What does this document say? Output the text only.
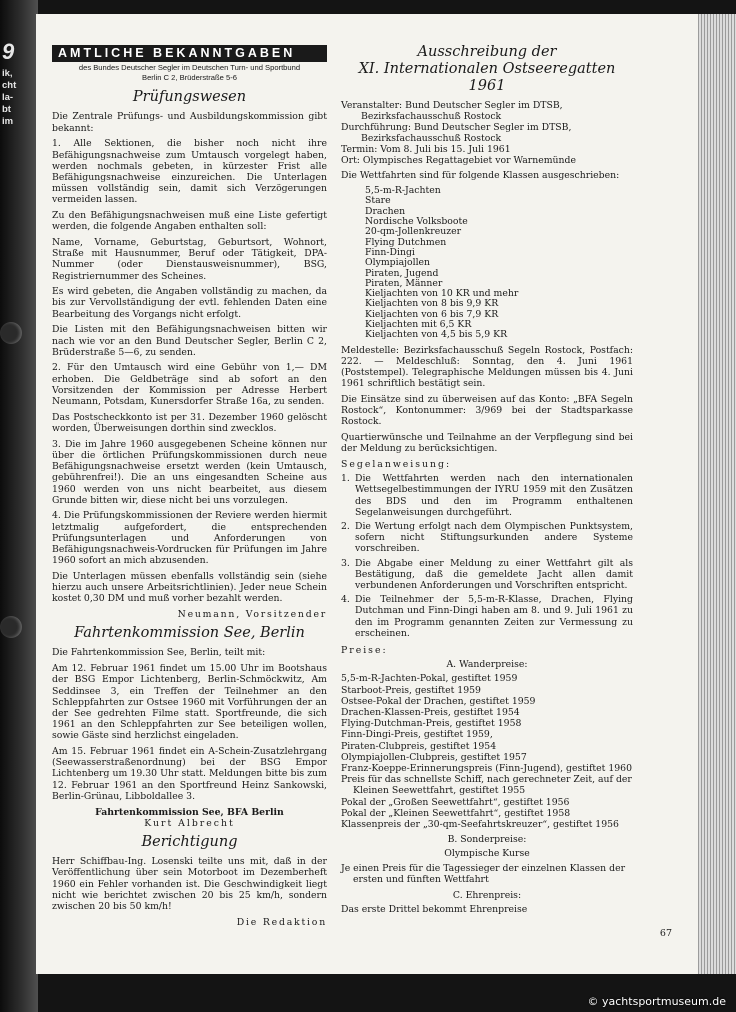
9
ik,
cht
la-
bt
im
AMTLICHE BEKANNTGABEN
des Bundes Deutscher Segler im Deutschen Turn- und Sportbund
Berlin C 2, Brüderstraße 5-6
Prüfungswesen

Die Zentrale Prüfungs- und Ausbildungskommission gibt bekannt:

1. Alle Sektionen, die bisher noch nicht ihre Befähigungsnachweise zum Umtausch vorgelegt haben, werden nochmals gebeten, in kürzester Frist alle Befähigungsnachweise einzureichen. Die Unterlagen müssen vollständig sein, damit sich Verzögerungen vermeiden lassen.

Zu den Befähigungsnachweisen muß eine Liste gefertigt werden, die folgende Angaben enthalten soll:

Name, Vorname, Geburtstag, Geburtsort, Wohnort, Straße mit Hausnummer, Beruf oder Tätigkeit, DPA-Nummer (oder Dienstausweisnummer), BSG, Registriernummer des Scheines.

Es wird gebeten, die Angaben vollständig zu machen, da bis zur Vervollständigung der evtl. fehlenden Daten eine Bearbeitung des Vorgangs nicht erfolgt.

Die Listen mit den Befähigungsnachweisen bitten wir nach wie vor an den Bund Deutscher Segler, Berlin C 2, Brüderstraße 5—6, zu senden.

2. Für den Umtausch wird eine Gebühr von 1,— DM erhoben. Die Geldbeträge sind ab sofort an den Vorsitzenden der Kommission per Adresse Herbert Neumann, Potsdam, Kunersdorfer Straße 16a, zu senden.

Das Postscheckkonto ist per 31. Dezember 1960 gelöscht worden, Überweisungen dorthin sind zwecklos.

3. Die im Jahre 1960 ausgegebenen Scheine können nur über die örtlichen Prüfungskommissionen durch neue Befähigungsnachweise ersetzt werden (kein Umtausch, gebührenfrei!). Die an uns eingesandten Scheine aus 1960 werden von uns nicht bearbeitet, aus diesem Grunde bitten wir, diese nicht bei uns vorzulegen.

4. Die Prüfungskommissionen der Reviere werden hiermit letztmalig aufgefordert, die entsprechenden Prüfungsunterlagen und Anforderungen von Befähigungsnachweis-Vordrucken für Prüfungen im Jahre 1960 sofort an mich abzusenden.

Die Unterlagen müssen ebenfalls vollständig sein (siehe hierzu auch unsere Arbeitsrichtlinien). Jeder neue Schein kostet 0,30 DM und muß vorher bezahlt werden.

Neumann, Vorsitzender

Fahrtenkommission See, Berlin

Die Fahrtenkommission See, Berlin, teilt mit:

Am 12. Februar 1961 findet um 15.00 Uhr im Bootshaus der BSG Empor Lichtenberg, Berlin-Schmöckwitz, Am Seddinsee 3, ein Treffen der Teilnehmer an den Schleppfahrten zur Ostsee 1960 mit Vorführungen der an der See gedrehten Filme statt. Sportfreunde, die sich 1961 an den Schleppfahrten zur See beteiligen wollen, sowie Gäste sind herzlichst eingeladen.

Am 15. Februar 1961 findet ein A-Schein-Zusatzlehrgang (Seewasserstraßenordnung) bei der BSG Empor Lichtenberg um 19.30 Uhr statt. Meldungen bitte bis zum 12. Februar 1961 an den Sportfreund Heinz Sankowski, Berlin-Grünau, Libboldallee 3.

Fahrtenkommission See, BFA Berlin

Kurt Albrecht

Berichtigung

Herr Schiffbau-Ing. Losenski teilte uns mit, daß in der Veröffentlichung über sein Motorboot im Dezemberheft 1960 ein Fehler vorhanden ist. Die Geschwindigkeit liegt nicht wie berichtet zwischen 20 bis 25 km/h, sondern zwischen 20 bis 50 km/h!

Die Redaktion

Ausschreibung der
XI. Internationalen Ostseeregatten 1961
Veranstalter: Bund Deutscher Segler im DTSB,
Bezirksfachausschuß Rostock
Durchführung: Bund Deutscher Segler im DTSB,
Bezirksfachausschuß Rostock
Termin: Vom 8. Juli bis 15. Juli 1961
Ort: Olympisches Regattagebiet vor Warnemünde

Die Wettfahrten sind für folgende Klassen ausgeschrieben:

5,5-m-R-Jachten
Stare
Drachen
Nordische Volksboote
20-qm-Jollenkreuzer
Flying Dutchmen
Finn-Dingi
Olympiajollen
Piraten, Jugend
Piraten, Männer
Kieljachten von 10 KR und mehr
Kieljachten von 8 bis 9,9 KR
Kieljachten von 6 bis 7,9 KR
Kieljachten mit 6,5 KR
Kieljachten von 4,5 bis 5,9 KR

Meldestelle: Bezirksfachausschuß Segeln Rostock, Postfach: 222. — Meldeschluß: Sonntag, den 4. Juni 1961 (Poststempel). Telegraphische Meldungen müssen bis 4. Juni 1961 schriftlich bestätigt sein.

Die Einsätze sind zu überweisen auf das Konto: „BFA Segeln Rostock“, Kontonummer: 3/969 bei der Stadtsparkasse Rostock.

Quartierwünsche und Teilnahme an der Verpflegung sind bei der Meldung zu berücksichtigen.

Segelanweisung:

1. Die Wettfahrten werden nach den internationalen Wettsegelbestimmungen der IYRU 1959 mit den Zusätzen des BDS und den im Programm enthaltenen Segelanweisungen durchgeführt.
2. Die Wertung erfolgt nach dem Olympischen Punktsystem, sofern nicht Stiftungsurkunden andere Systeme vorschreiben.
3. Die Abgabe einer Meldung zu einer Wettfahrt gilt als Bestätigung, daß die gemeldete Jacht allen damit verbundenen Anforderungen und Vorschriften entspricht.
4. Die Teilnehmer der 5,5-m-R-Klasse, Drachen, Flying Dutchman und Finn-Dingi haben am 8. und 9. Juli 1961 zu den im Programm genannten Zeiten zur Vermessung zu erscheinen.

Preise:

A. Wanderpreise:

5,5-m-R-Jachten-Pokal, gestiftet 1959
Starboot-Preis, gestiftet 1959
Ostsee-Pokal der Drachen, gestiftet 1959
Drachen-Klassen-Preis, gestiftet 1954
Flying-Dutchman-Preis, gestiftet 1958
Finn-Dingi-Preis, gestiftet 1959,
Piraten-Clubpreis, gestiftet 1954
Olympiajollen-Clubpreis, gestiftet 1957
Franz-Koeppe-Erinnerungspreis (Finn-Jugend), gestiftet 1960
Preis für das schnellste Schiff, nach gerechneter Zeit, auf der Kleinen Seewettfahrt, gestiftet 1955
Pokal der „Großen Seewettfahrt“, gestiftet 1956
Pokal der „Kleinen Seewettfahrt“, gestiftet 1958
Klassenpreis der „30-qm-Seefahrtskreuzer“, gestiftet 1956

B. Sonderpreise:

Olympische Kurse

Je einen Preis für die Tagessieger der einzelnen Klassen der ersten und fünften Wettfahrt

C. Ehrenpreis:

Das erste Drittel bekommt Ehrenpreise

67
© yachtsportmuseum.de
